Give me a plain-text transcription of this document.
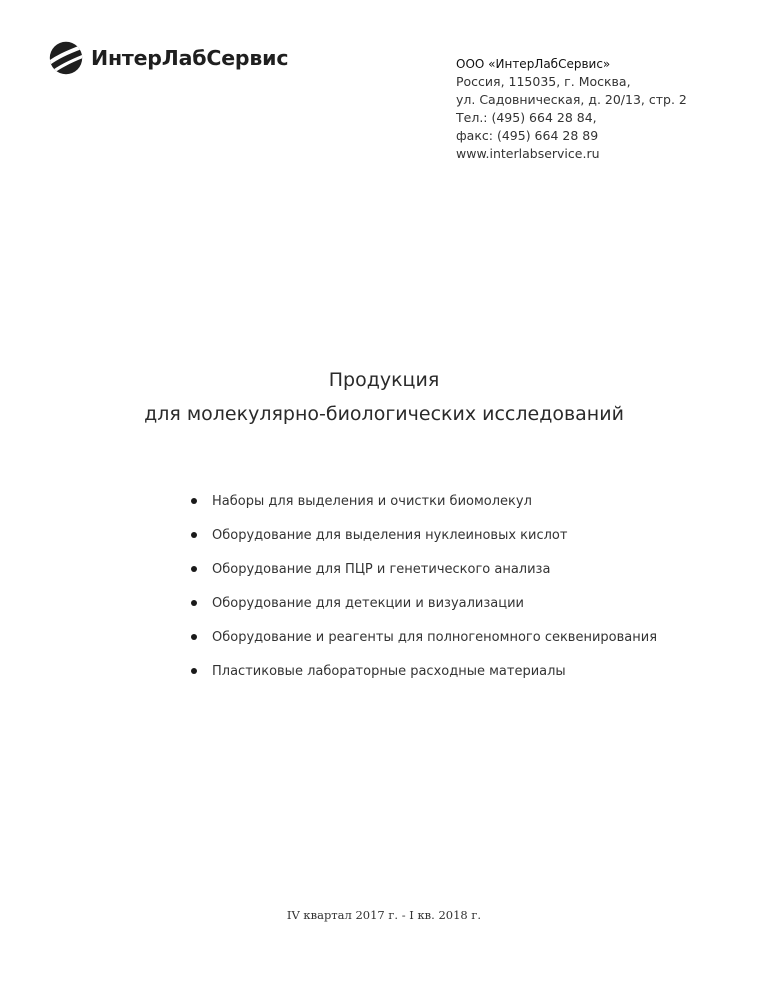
ИнтерЛабСервис	ООО «ИнтерЛабСервис»
Россия, 115035, г. Москва,
ул. Садовническая, д. 20/13, стр. 2
Тел.: (495) 664 28 84,
факс: (495) 664 28 89
www.interlabservice.ru
Продукция
для молекулярно-биологических исследований
Наборы для выделения и очистки биомолекул
Оборудование для выделения нуклеиновых кислот
Оборудование для ПЦР и генетического анализа
Оборудование для детекции и визуализации
Оборудование и реагенты для полногеномного секвенирования
Пластиковые лабораторные расходные материалы
IV квартал 2017 г. - I кв. 2018 г.
